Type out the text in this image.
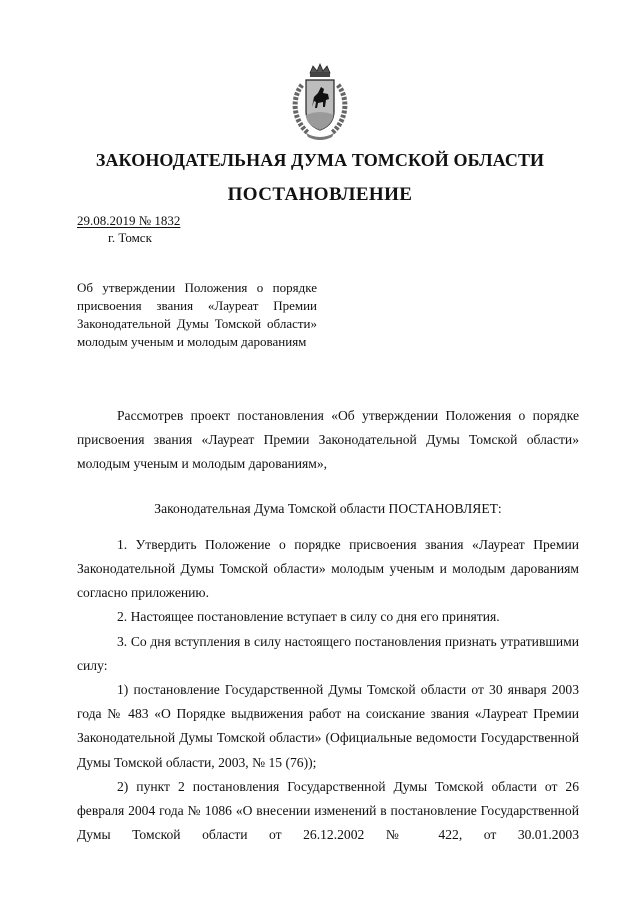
ЗАКОНОДАТЕЛЬНАЯ ДУМА ТОМСКОЙ ОБЛАСТИ
ПОСТАНОВЛЕНИЕ
29.08.2019 № 1832
г. Томск
Об утверждении Положения о порядке присвоения звания «Лауреат Премии Законодательной Думы Томской области» молодым ученым и молодым дарованиям

Рассмотрев проект постановления «Об утверждении Положения о порядке присвоения звания «Лауреат Премии Законодательной Думы Томской области» молодым ученым и молодым дарованиям»,

Законодательная Дума Томской области ПОСТАНОВЛЯЕТ:

1. Утвердить Положение о порядке присвоения звания «Лауреат Премии Законодательной Думы Томской области» молодым ученым и молодым дарованиям согласно приложению.

2. Настоящее постановление вступает в силу со дня его принятия.

3. Со дня вступления в силу настоящего постановления признать утратившими силу:

1) постановление Государственной Думы Томской области от 30 января 2003 года № 483 «О Порядке выдвижения работ на соискание звания «Лауреат Премии Законодательной Думы Томской области» (Официальные ведомости Государственной Думы Томской области, 2003, № 15 (76));

2) пункт 2 постановления Государственной Думы Томской области от 26 февраля 2004 года № 1086 «О внесении изменений в постановление Государственной Думы Томской области от 26.12.2002 № 422, от 30.01.2003
